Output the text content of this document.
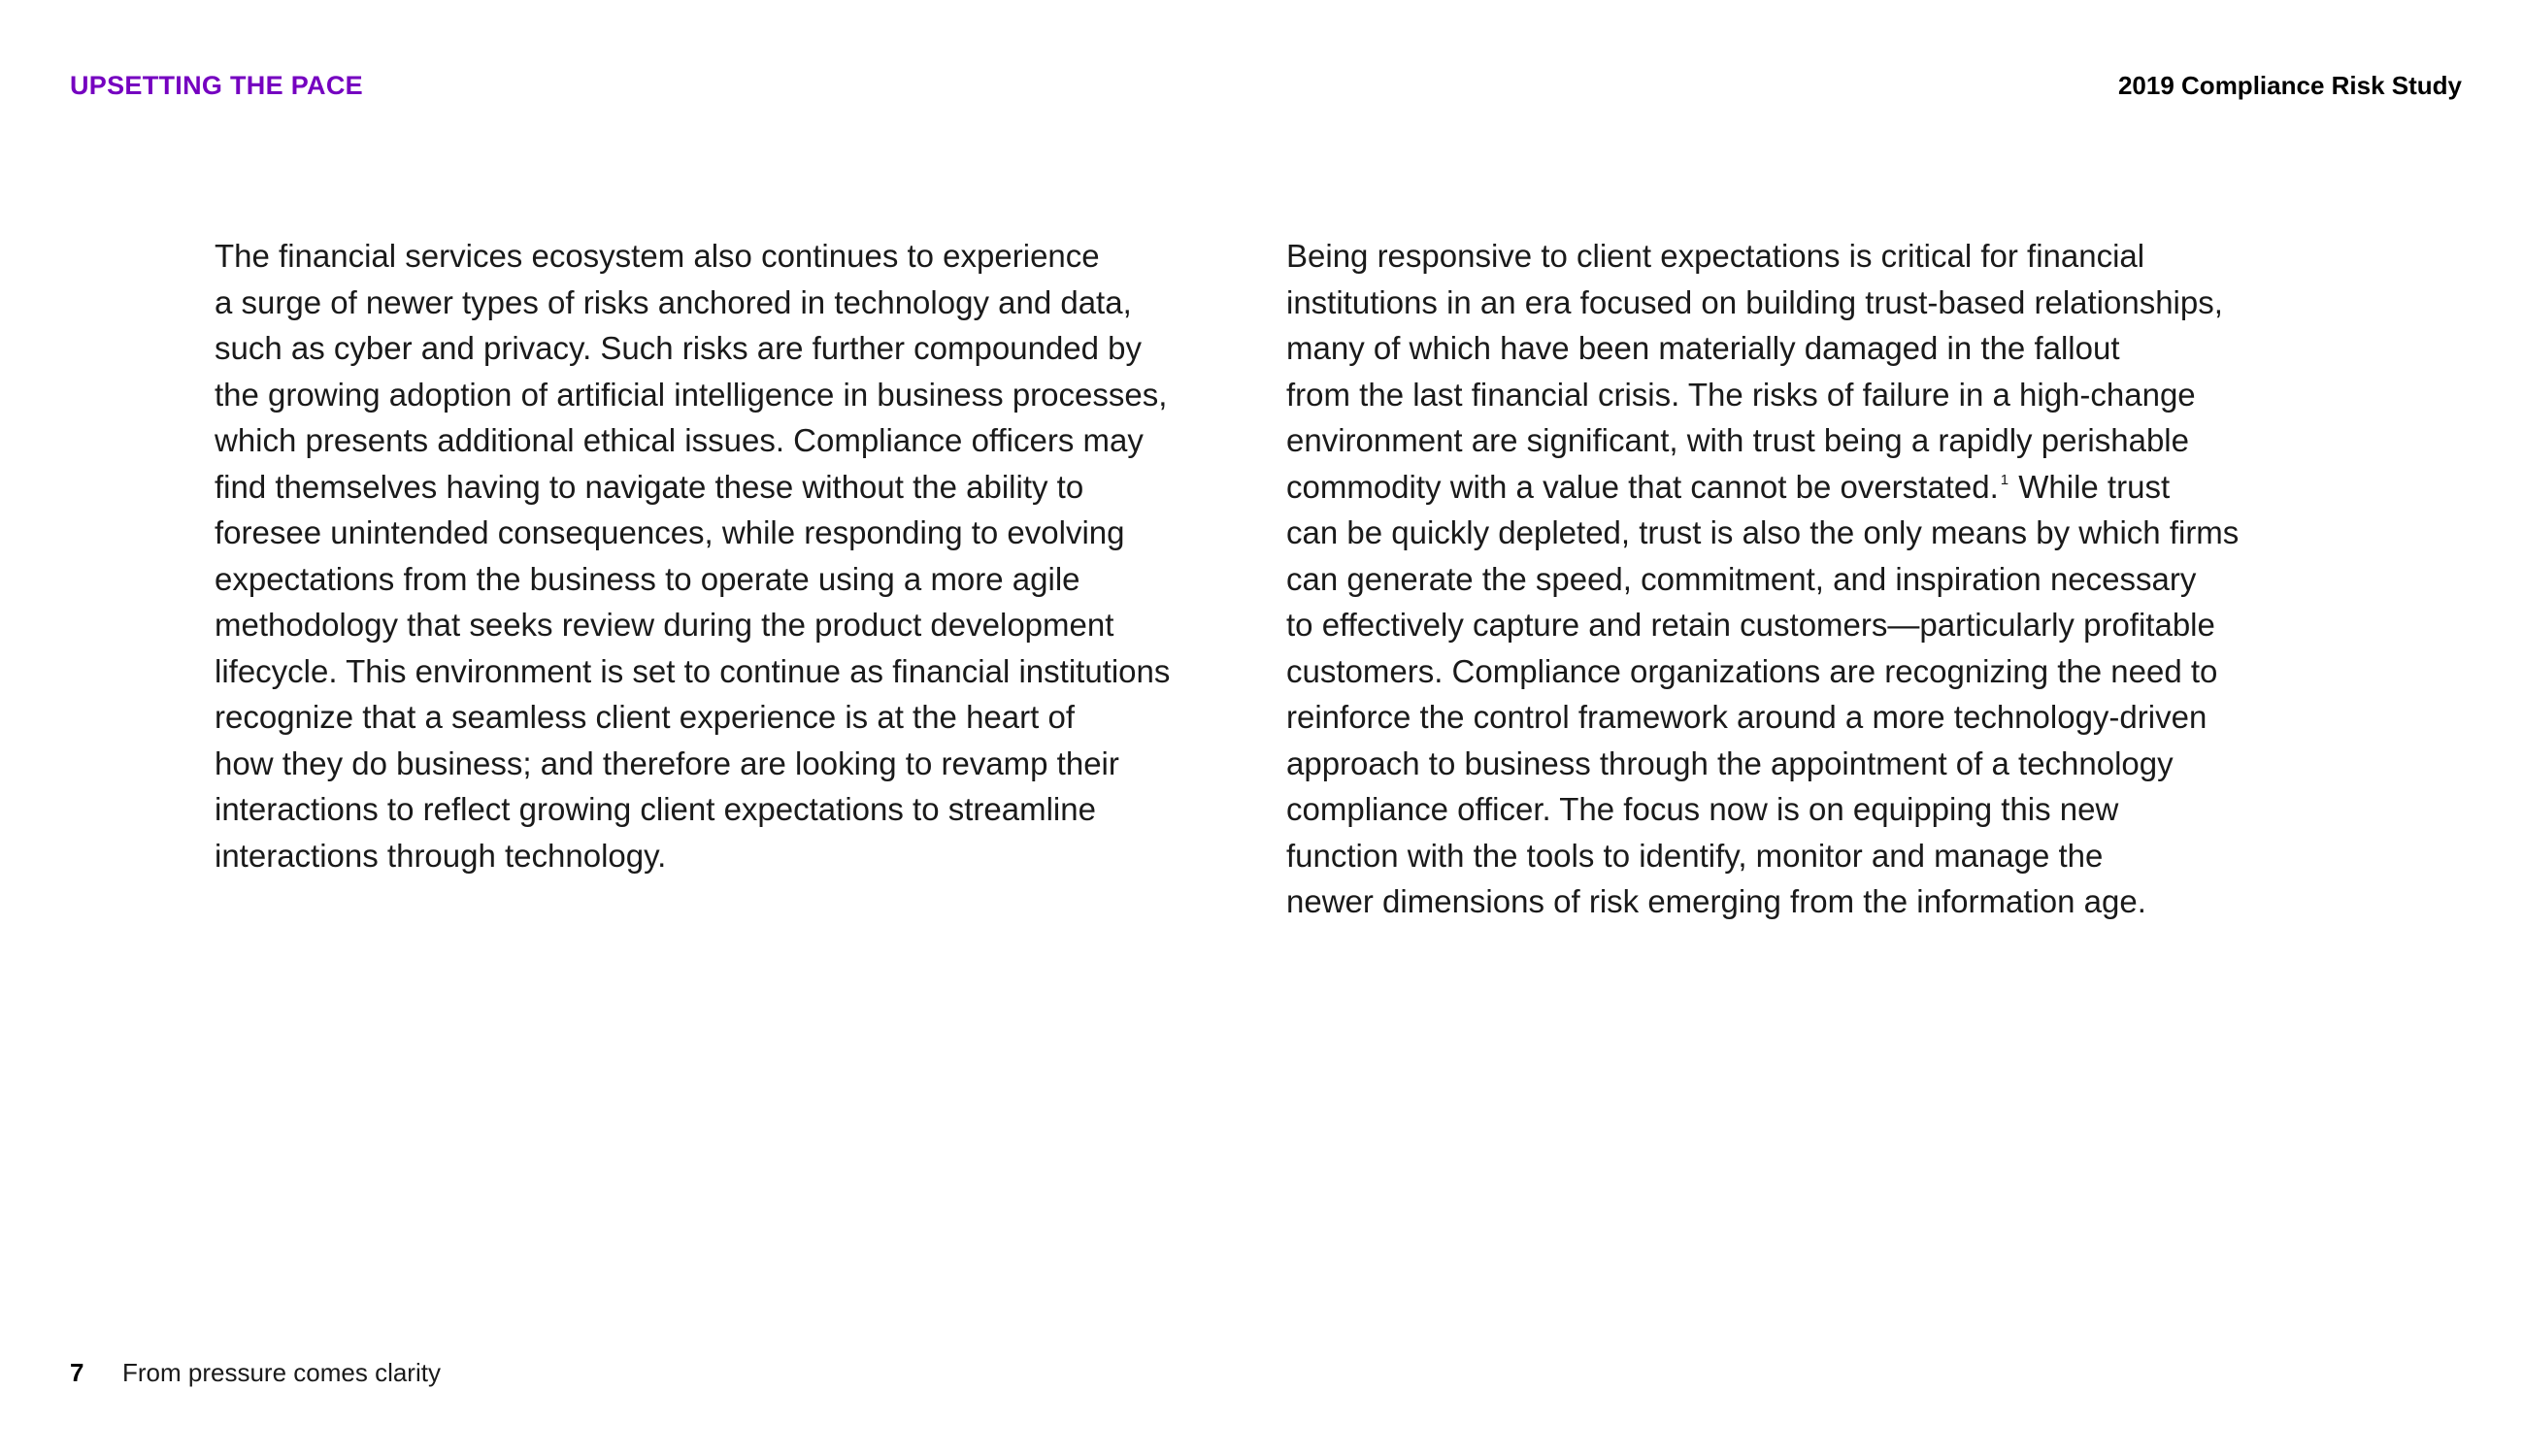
UPSETTING THE PACE	2019 Compliance Risk Study

The financial services ecosystem also continues to experience
a surge of newer types of risks anchored in technology and data,
such as cyber and privacy. Such risks are further compounded by
the growing adoption of artificial intelligence in business processes,
which presents additional ethical issues. Compliance officers may
find themselves having to navigate these without the ability to
foresee unintended consequences, while responding to evolving
expectations from the business to operate using a more agile
methodology that seeks review during the product development
lifecycle. This environment is set to continue as financial institutions
recognize that a seamless client experience is at the heart of
how they do business; and therefore are looking to revamp their
interactions to reflect growing client expectations to streamline
interactions through technology.

Being responsive to client expectations is critical for financial
institutions in an era focused on building trust-based relationships,
many of which have been materially damaged in the fallout
from the last financial crisis. The risks of failure in a high-change
environment are significant, with trust being a rapidly perishable
commodity with a value that cannot be overstated. $^1$ While trust
can be quickly depleted, trust is also the only means by which firms
can generate the speed, commitment, and inspiration necessary
to effectively capture and retain customers—particularly profitable
customers. Compliance organizations are recognizing the need to
reinforce the control framework around a more technology-driven
approach to business through the appointment of a technology
compliance officer. The focus now is on equipping this new
function with the tools to identify, monitor and manage the
newer dimensions of risk emerging from the information age.

7 From pressure comes clarity
